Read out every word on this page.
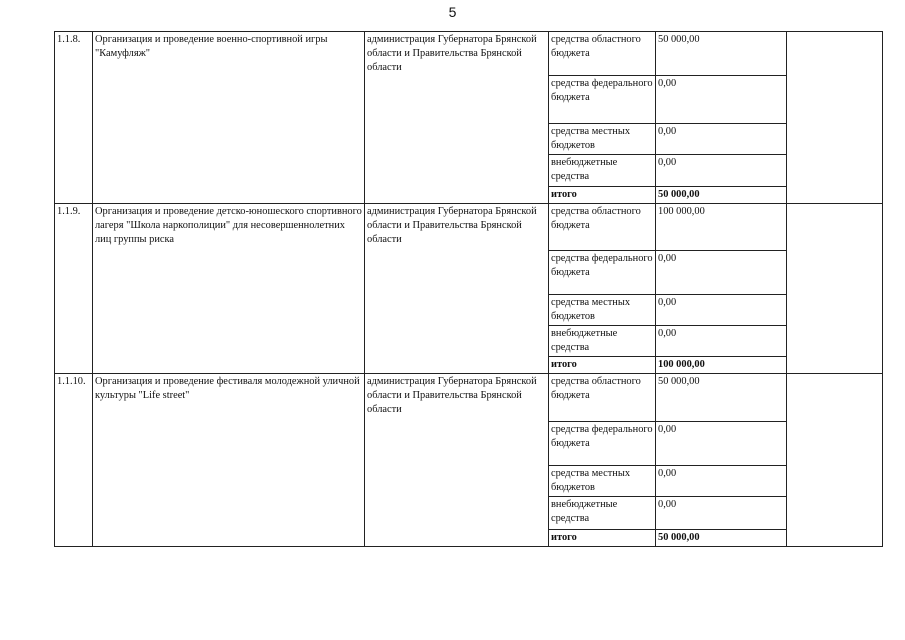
5
1.1.8.	Организация и проведение военно-спортивной игры "Камуфляж"	администрация Губернатора Брянской области и Правительства Брянской области	средства областного бюджета	50 000,00	
			средства федерального бюджета	0,00	
			средства местных бюджетов	0,00	
			внебюджетные средства	0,00	
			итого	50 000,00	
1.1.9.	Организация и проведение детско-юношеского спортивного лагеря "Школа наркополиции" для несовершеннолетних лиц группы риска	администрация Губернатора Брянской области и Правительства Брянской области	средства областного бюджета	100 000,00	
			средства федерального бюджета	0,00	
			средства местных бюджетов	0,00	
			внебюджетные средства	0,00	
			итого	100 000,00	
1.1.10.	Организация и проведение фестиваля молодежной уличной культуры "Life street"	администрация Губернатора Брянской области и Правительства Брянской области	средства областного бюджета	50 000,00	
			средства федерального бюджета	0,00	
			средства местных бюджетов	0,00	
			внебюджетные средства	0,00	
			итого	50 000,00	
